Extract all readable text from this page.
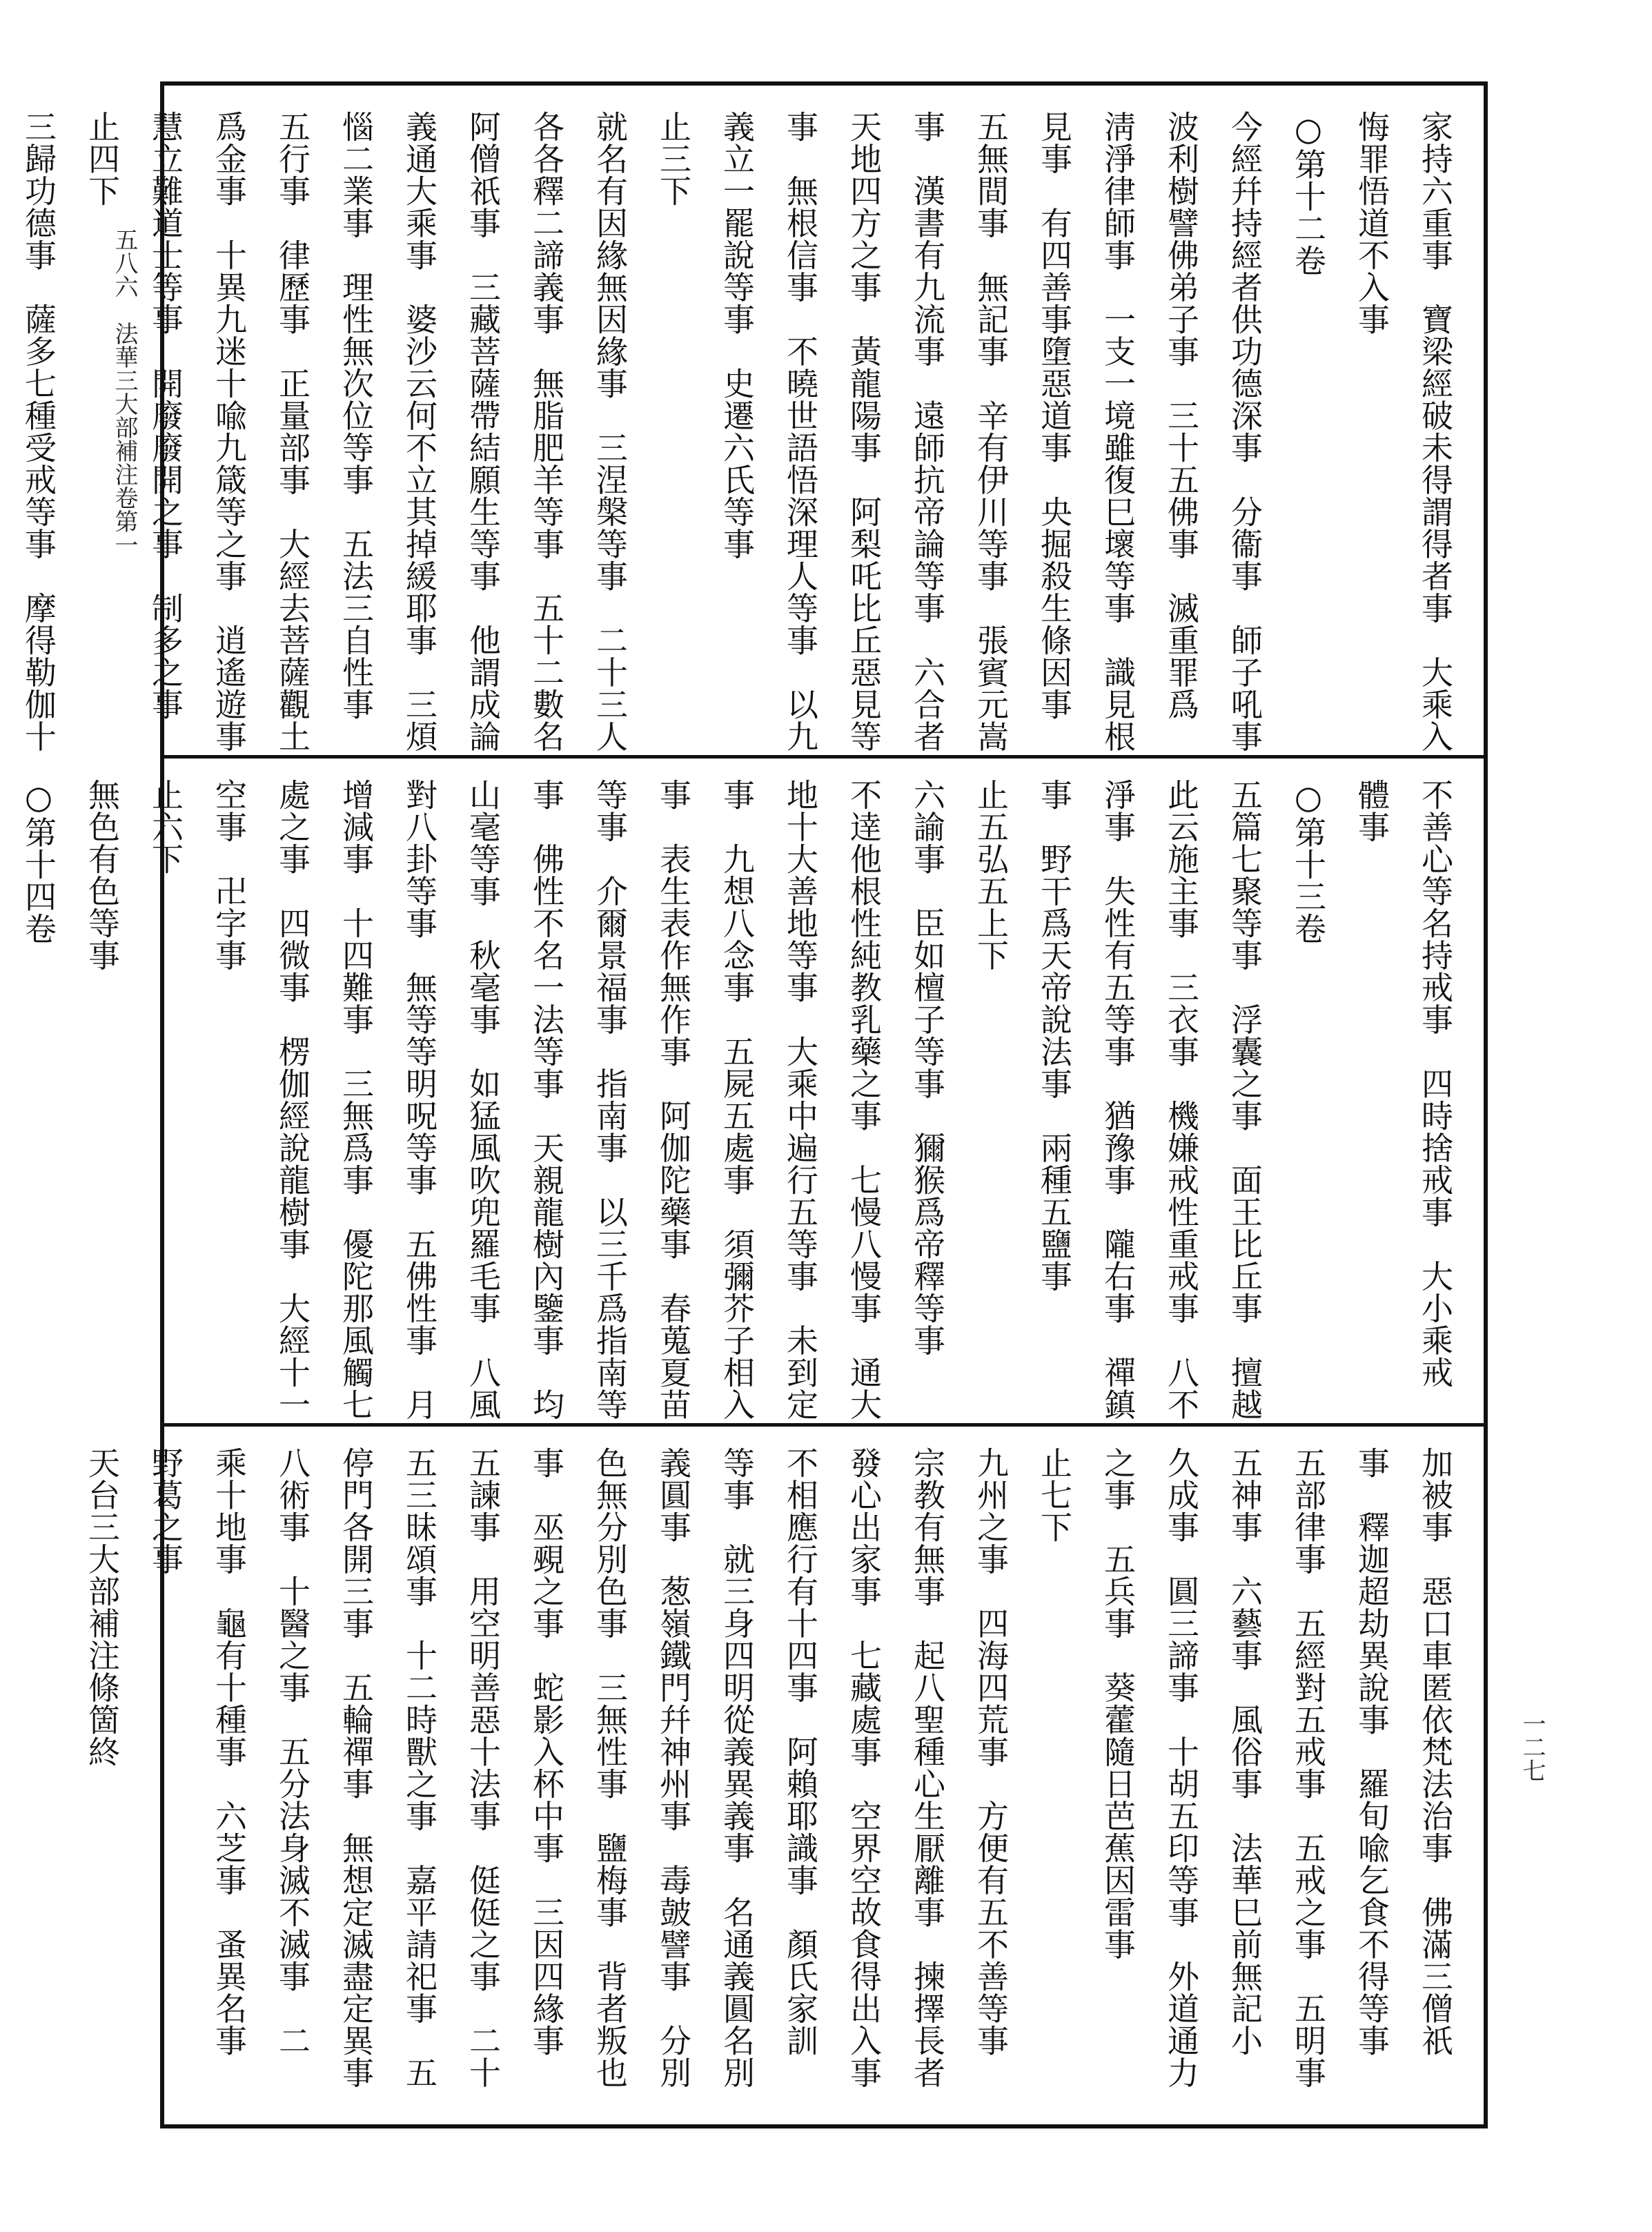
五八六　法華三大部補注卷第一	家持六重事　寶梁經破未得謂得者事　大乘入
悔罪悟道不入事
○第十二卷
今經幷持經者供功德深事　分衞事　師子吼事
波利樹譬佛弟子事　三十五佛事　滅重罪爲
淸淨律師事　一支一境雖復巳壞等事　識見根
見事　有四善事墮惡道事　央掘殺生條因事
五無間事　無記事　辛有伊川等事　張賓元嵩
事　漢書有九流事　遠師抗帝論等事　六合者
天地四方之事　黃龍陽事　阿梨吒比丘惡見等
事　無根信事　不曉世語悟深理人等事　以九
義立一罷說等事　史遷六氏等事
止三下
就名有因緣無因緣事　三涅槃等事　二十三人
各各釋二諦義事　無脂肥羊等事　五十二數名
阿僧祇事　三藏菩薩帶結願生等事　他謂成論
義通大乘事　婆沙云何不立其掉緩耶事　三煩
惱二業事　理性無次位等事　五法三自性事
五行事　律歷事　正量部事　大經去菩薩觀土
爲金事　十異九迷十喩九箴等之事　逍遙遊事
慧立難道士等事　開廢廢開之事　制多之事
止四下
三歸功德事　薩多七種受戒等事　摩得勒伽十
不善心等名持戒事　四時捨戒事　大小乘戒
體事
○第十三卷
五篇七聚等事　浮囊之事　面王比丘事　擅越
此云施主事　三衣事　機嫌戒性重戒事　八不
淨事　失性有五等事　猶豫事　隴右事　禪鎮
事　野干爲天帝說法事　兩種五鹽事
止五弘五上下
六諭事　臣如檀子等事　獮猴爲帝釋等事
不逹他根性純教乳藥之事　七慢八慢事　通大
地十大善地等事　大乘中遍行五等事　未到定
事　九想八念事　五屍五處事　須彌芥子相入
事　表生表作無作事　阿伽陀藥事　春蒐夏苗
等事　介爾景福事　指南事　以三千爲指南等
事　佛性不名一法等事　天親龍樹內鑒事　均
山毫等事　秋毫事　如猛風吹兜羅毛事　八風
對八卦等事　無等等明呪等事　五佛性事　月
增減事　十四難事　三無爲事　優陀那風觸七
處之事　四微事　楞伽經說龍樹事　大經十一
空事　卍字事
止六下
無色有色等事
○第十四卷
加被事　惡口車匿依梵法治事　佛滿三僧祇
事　釋迦超劫異說事　羅旬喩乞食不得等事
五部律事　五經對五戒事　五戒之事　五明事
五神事　六藝事　風俗事　法華巳前無記小
久成事　圓三諦事　十胡五印等事　外道通力
之事　五兵事　葵藿隨日芭蕉因雷事
止七下
九州之事　四海四荒事　方便有五不善等事
宗教有無事　起八聖種心生厭離事　揀擇長者
發心出家事　七藏處事　空界空故食得出入事
不相應行有十四事　阿賴耶識事　顏氏家訓
等事　就三身四明從義異義事　名通義圓名別
義圓事　葱嶺鐵門幷神州事　毒皷譬事　分別
色無分別色事　三無性事　鹽梅事　背者叛也
事　巫覡之事　蛇影入杯中事　三因四緣事
五諫事　用空明善惡十法事　侹侹之事　二十
五三昧頌事　十二時獸之事　嘉平請祀事　五
停門各開三事　五輪禪事　無想定滅盡定異事
八術事　十醫之事　五分法身滅不滅事　二
乘十地事　龜有十種事　六芝事　蚤異名事
野葛之事
天台三大部補注條箇終	一二七
